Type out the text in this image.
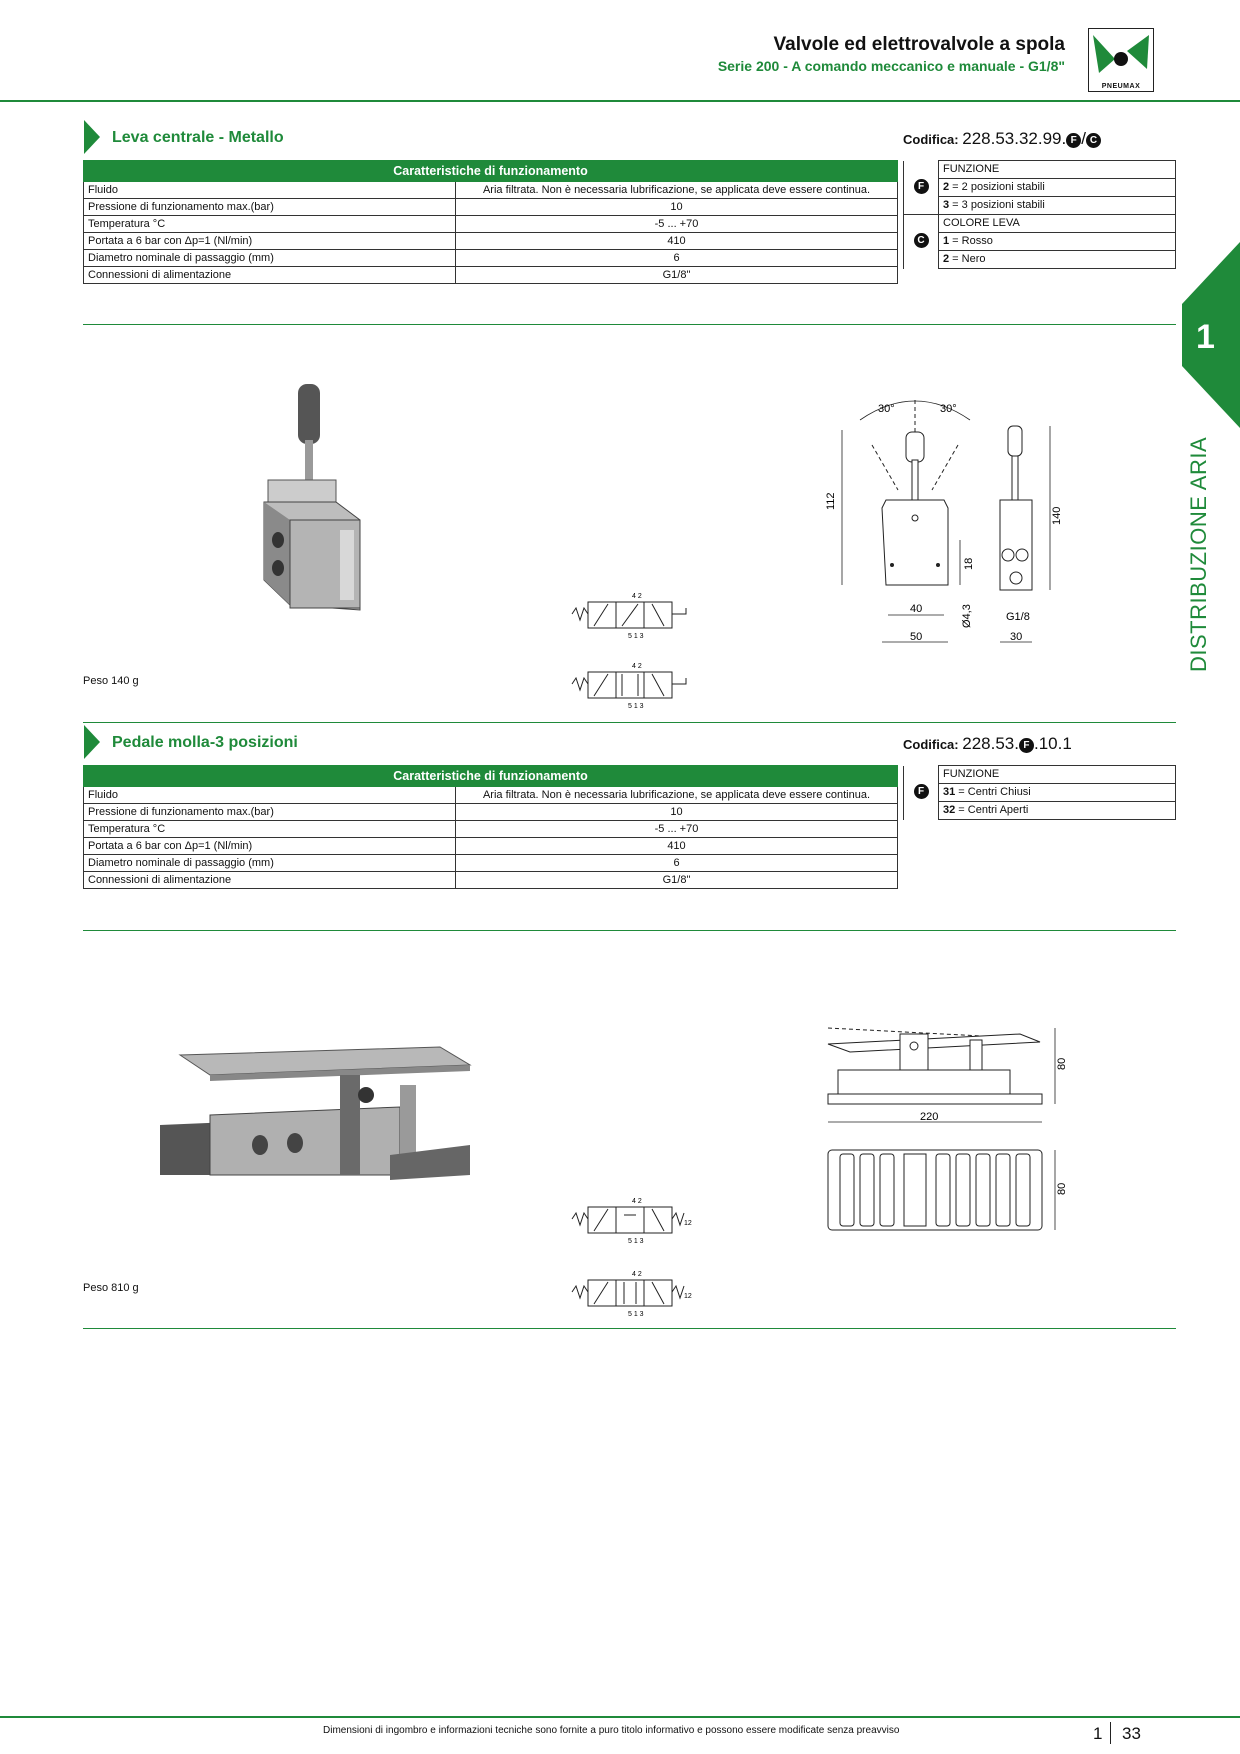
Valvole ed elettrovalvole a spola
Serie 200 - A comando meccanico e manuale - G1/8"
PNEUMAX
1
DISTRIBUZIONE ARIA
Leva centrale - Metallo	Codifica: 228.53.32.99. F / C
Caratteristiche di funzionamento	
Fluido	Aria filtrata. Non è necessaria lubrificazione, se applicata deve essere continua.
Pressione di funzionamento max.(bar)	10
Temperatura °C	-5 ... +70
Portata a 6 bar con Δp=1 (Nl/min)	410
Diametro nominale di passaggio (mm)	6
Connessioni di alimentazione	G1/8"
F	FUNZIONE
	2 = 2 posizioni stabili
	3 = 3 posizioni stabili
C	COLORE LEVA
	1 = Rosso
	2 = Nero
Peso 140 g
4 2
5 1 3
4 2
5 1 3
30°	30°
112
18
Ø4,3
40
50
140
G1/8
30
Pedale molla-3 posizioni	Codifica: 228.53. F .10.1
Caratteristiche di funzionamento	
Fluido	Aria filtrata. Non è necessaria lubrificazione, se applicata deve essere continua.
Pressione di funzionamento max.(bar)	10
Temperatura °C	-5 ... +70
Portata a 6 bar con Δp=1 (Nl/min)	410
Diametro nominale di passaggio (mm)	6
Connessioni di alimentazione	G1/8"
F	FUNZIONE
31 = Centri Chiusi
32 = Centri Aperti
Peso 810 g
4 2
12
5 1 3
4 2
12
5 1 3
80
220
80
Dimensioni di ingombro e informazioni tecniche sono fornite a puro titolo informativo e possono essere modificate senza preavviso	1 33
